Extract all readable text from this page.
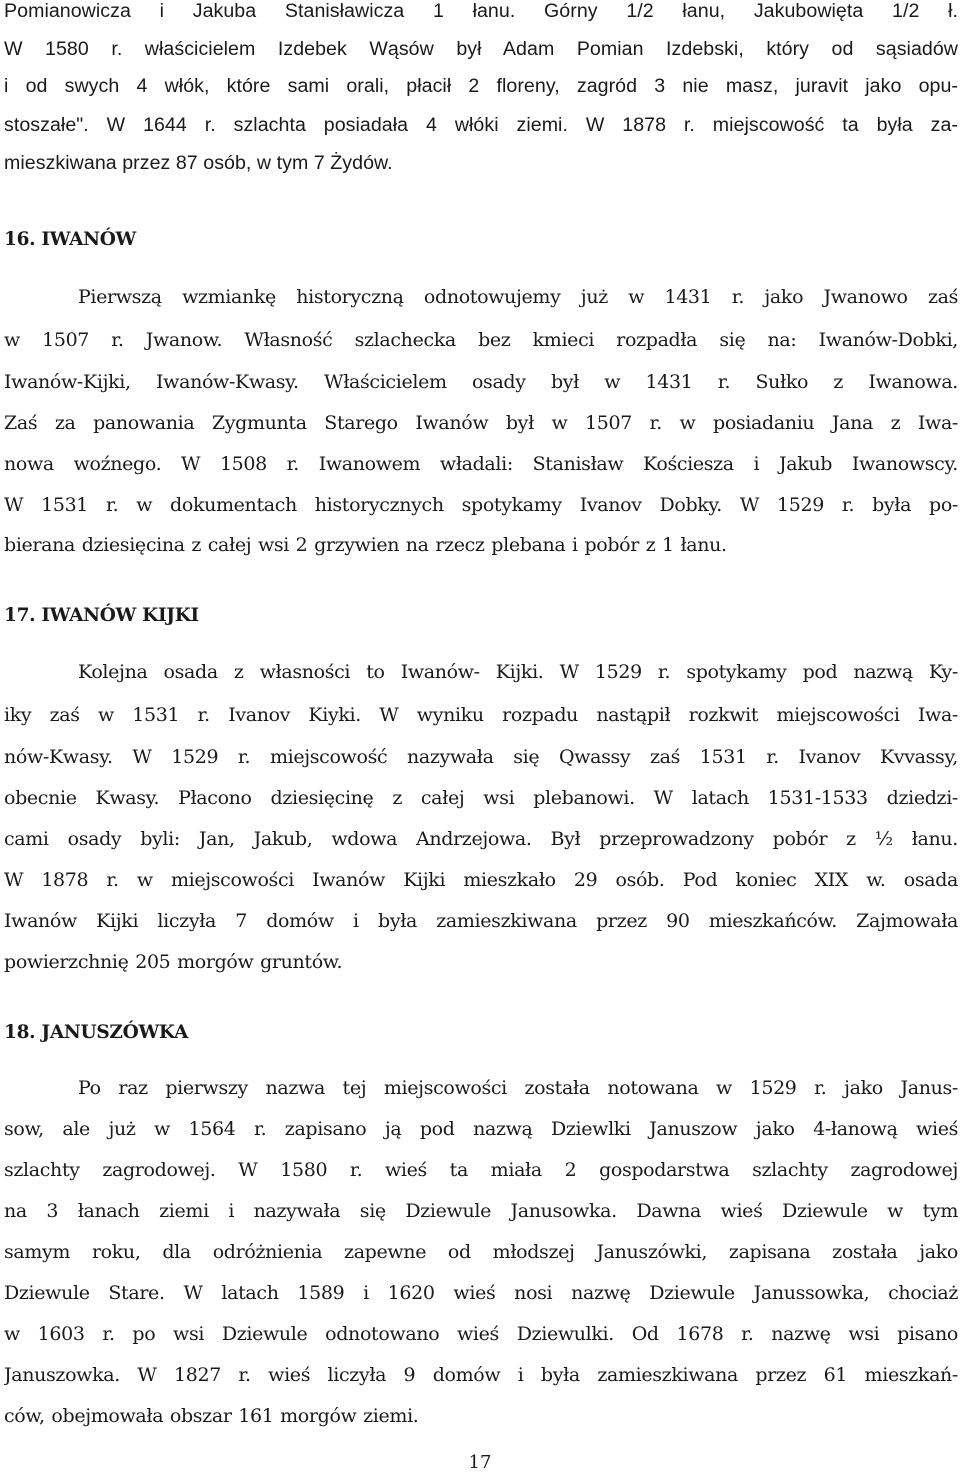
Pomianowicza i Jakuba Stanisławicza 1 łanu. Górny 1/2 łanu, Jakubowięta 1/2 ł.
W 1580 r. właścicielem Izdebek Wąsów był Adam Pomian Izdebski, który od sąsiadów
i od swych 4 włók, które sami orali, płacił 2 floreny, zagród 3 nie masz, juravit jako opu-
stoszałe". W 1644 r. szlachta posiadała 4 włóki ziemi. W 1878 r. miejscowość ta była za-
mieszkiwana przez 87 osób, w tym 7 Żydów.
16. IWANÓW
Pierwszą wzmiankę historyczną odnotowujemy już w 1431 r. jako Jwanowo zaś
w 1507 r. Jwanow. Własność szlachecka bez kmieci rozpadła się na: Iwanów-Dobki,
Iwanów-Kijki, Iwanów-Kwasy. Właścicielem osady był w 1431 r. Sułko z Iwanowa.
Zaś za panowania Zygmunta Starego Iwanów był w 1507 r. w posiadaniu Jana z Iwa-
nowa woźnego. W 1508 r. Iwanowem władali: Stanisław Kościesza i Jakub Iwanowscy.
W 1531 r. w dokumentach historycznych spotykamy Ivanov Dobky. W 1529 r. była po-
bierana dziesięcina z całej wsi 2 grzywien na rzecz plebana i pobór z 1 łanu.
17. IWANÓW KIJKI
Kolejna osada z własności to Iwanów- Kijki. W 1529 r. spotykamy pod nazwą Ky-
iky zaś w 1531 r. Ivanov Kiyki. W wyniku rozpadu nastąpił rozkwit miejscowości Iwa-
nów-Kwasy. W 1529 r. miejscowość nazywała się Qwassy zaś 1531 r. Ivanov Kvvassy,
obecnie Kwasy. Płacono dziesięcinę z całej wsi plebanowi. W latach 1531-1533 dziedzi-
cami osady byli: Jan, Jakub, wdowa Andrzejowa. Był przeprowadzony pobór z ½ łanu.
W 1878 r. w miejscowości Iwanów Kijki mieszkało 29 osób. Pod koniec XIX w. osada
Iwanów Kijki liczyła 7 domów i była zamieszkiwana przez 90 mieszkańców. Zajmowała
powierzchnię 205 morgów gruntów.
18. JANUSZÓWKA
Po raz pierwszy nazwa tej miejscowości została notowana w 1529 r. jako Janus-
sow, ale już w 1564 r. zapisano ją pod nazwą Dziewlki Januszow jako 4-łanową wieś
szlachty zagrodowej. W 1580 r. wieś ta miała 2 gospodarstwa szlachty zagrodowej
na 3 łanach ziemi i nazywała się Dziewule Janusowka. Dawna wieś Dziewule w tym
samym roku, dla odróżnienia zapewne od młodszej Januszówki, zapisana została jako
Dziewule Stare. W latach 1589 i 1620 wieś nosi nazwę Dziewule Janussowka, chociaż
w 1603 r. po wsi Dziewule odnotowano wieś Dziewulki. Od 1678 r. nazwę wsi pisano
Januszowka. W 1827 r. wieś liczyła 9 domów i była zamieszkiwana przez 61 mieszkań-
ców, obejmowała obszar 161 morgów ziemi.
17
